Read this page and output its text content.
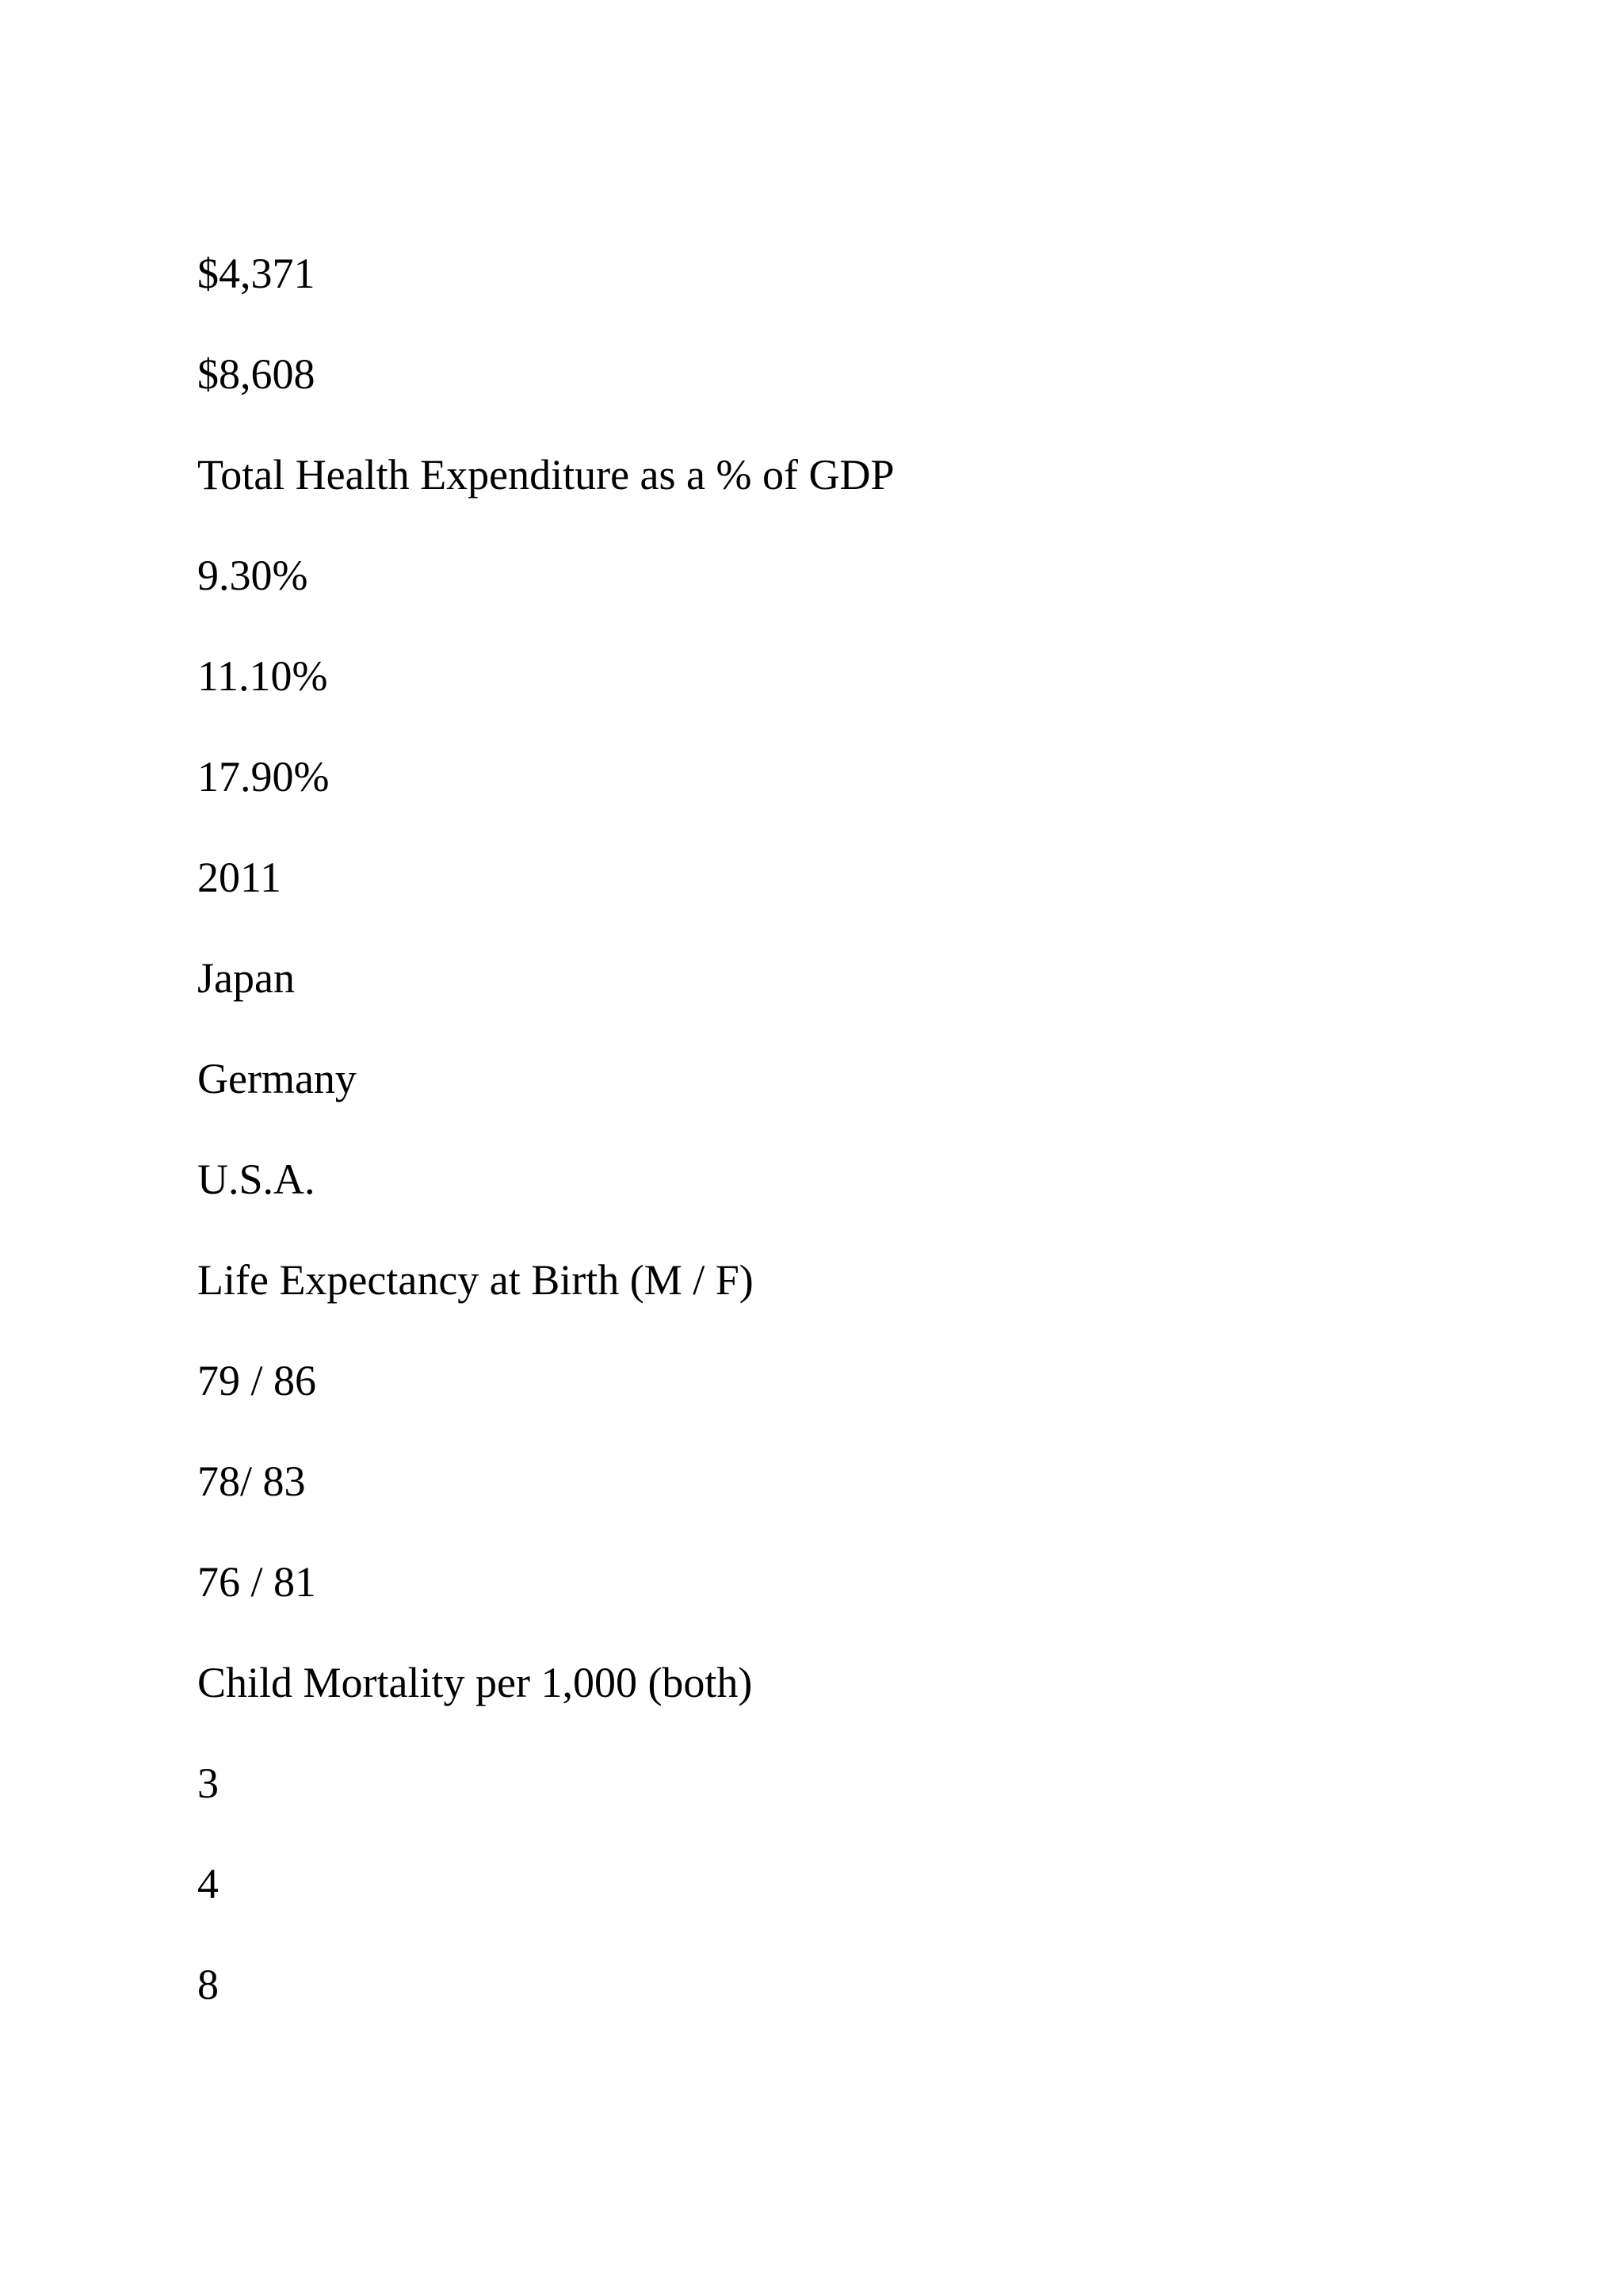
$4,371

$8,608

Total Health Expenditure as a % of GDP

9.30%

11.10%

17.90%

2011

Japan

Germany

U.S.A.

Life Expectancy at Birth (M / F)

79 / 86

78/ 83

76 / 81

Child Mortality per 1,000 (both)

3

4

8
